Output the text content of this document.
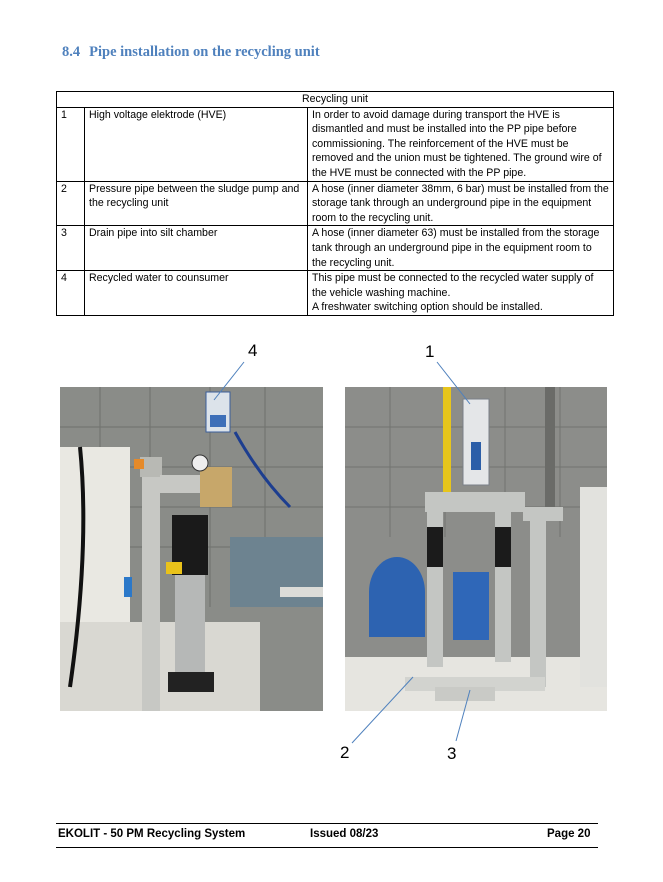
8.4 Pipe installation on the recycling unit
Recycling unit		
1	High voltage elektrode (HVE)	In order to avoid damage during transport the HVE is dismantled and must be installed into the PP pipe before commissioning. The reinforcement of the HVE must be removed and the union must be tightened. The ground wire of the HVE must be connected with the PP pipe.
2	Pressure pipe between the sludge pump and the recycling unit	A hose (inner diameter 38mm, 6 bar) must be installed from the storage tank through an underground pipe in the equipment room to the recycling unit.
3	Drain pipe into silt chamber	A hose (inner diameter 63) must be installed from the storage tank through an underground pipe in the equipment room to the recycling unit.
4	Recycled water to counsumer	This pipe must be connected to the recycled water supply of the vehicle washing machine.
A freshwater switching option should be installed.
4	1
2	3
EKOLIT - 50 PM Recycling System	Issued 08/23	Page 20
